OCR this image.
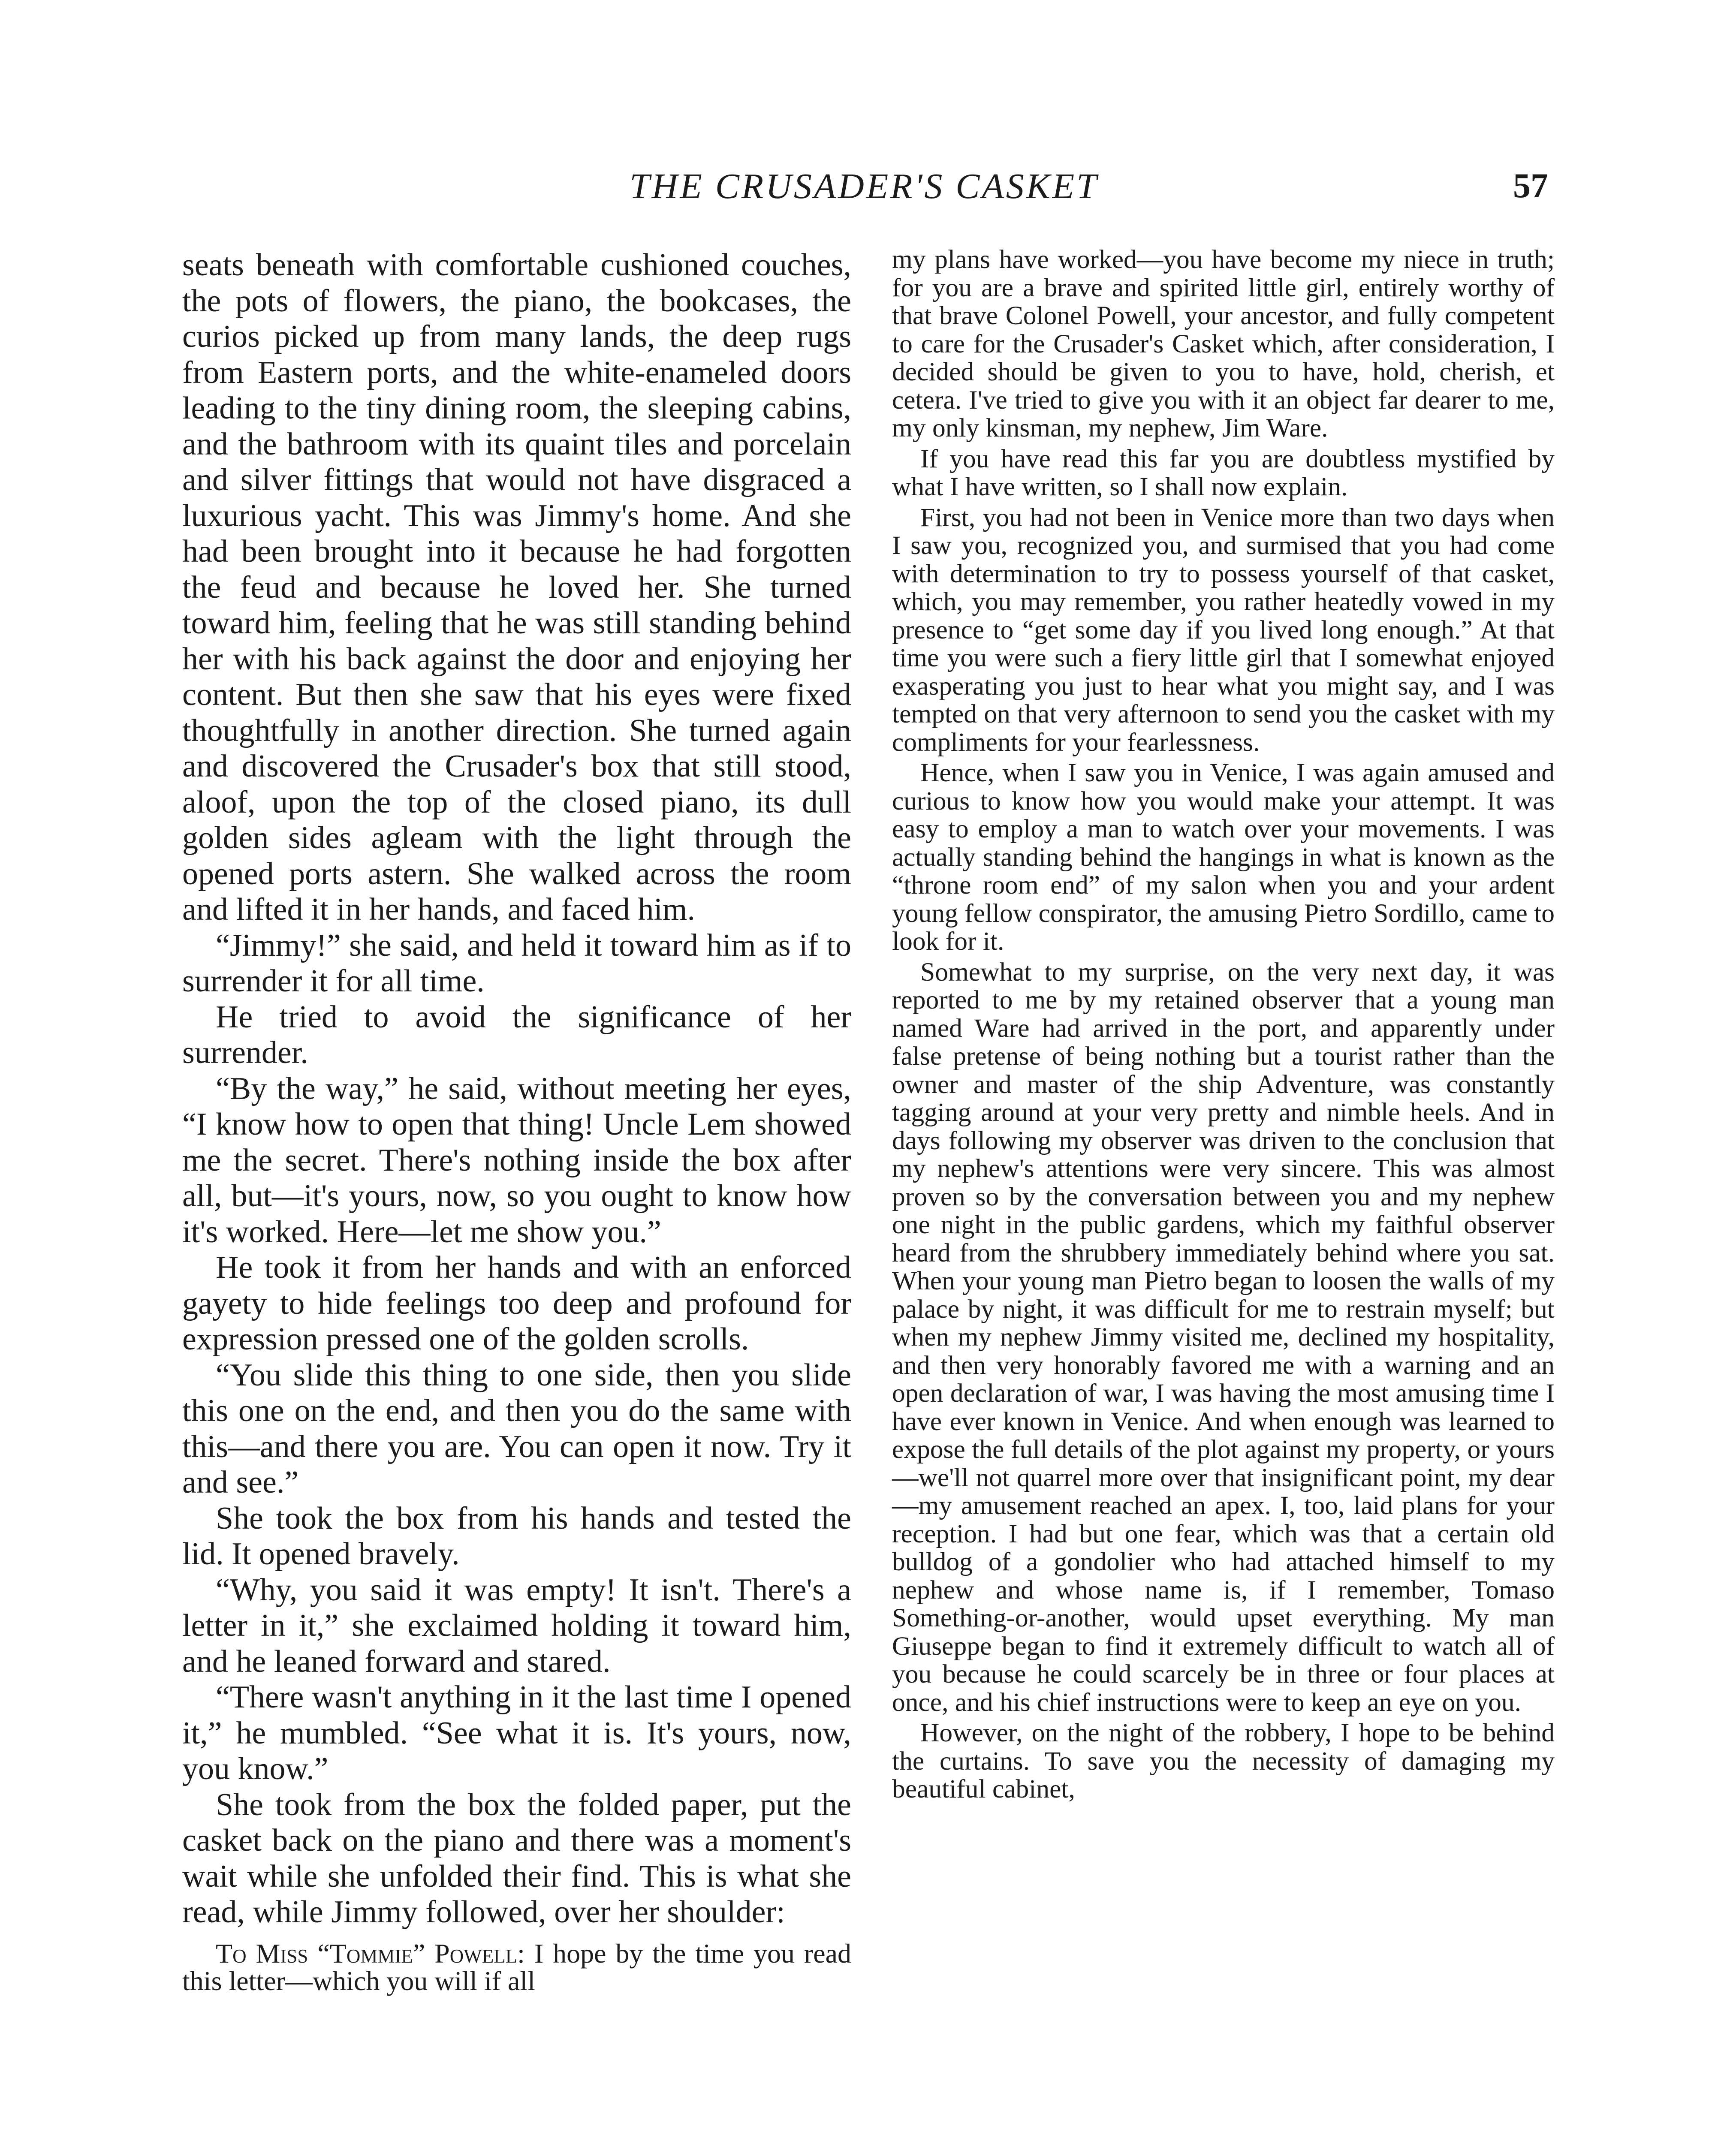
THE CRUSADER'S CASKET	57

seats beneath with comfortable cushioned couches, the pots of flowers, the piano, the bookcases, the curios picked up from many lands, the deep rugs from Eastern ports, and the white-enameled doors leading to the tiny dining room, the sleeping cabins, and the bathroom with its quaint tiles and porcelain and silver fittings that would not have disgraced a luxurious yacht. This was Jimmy's home. And she had been brought into it because he had forgotten the feud and because he loved her. She turned toward him, feeling that he was still standing behind her with his back against the door and enjoying her content. But then she saw that his eyes were fixed thoughtfully in another direction. She turned again and discovered the Crusader's box that still stood, aloof, upon the top of the closed piano, its dull golden sides agleam with the light through the opened ports astern. She walked across the room and lifted it in her hands, and faced him.

“Jimmy!” she said, and held it toward him as if to surrender it for all time.

He tried to avoid the significance of her surrender.

“By the way,” he said, without meeting her eyes, “I know how to open that thing! Uncle Lem showed me the secret. There's nothing inside the box after all, but—it's yours, now, so you ought to know how it's worked. Here—let me show you.”

He took it from her hands and with an enforced gayety to hide feelings too deep and profound for expression pressed one of the golden scrolls.

“You slide this thing to one side, then you slide this one on the end, and then you do the same with this—and there you are. You can open it now. Try it and see.”

She took the box from his hands and tested the lid. It opened bravely.

“Why, you said it was empty! It isn't. There's a letter in it,” she exclaimed holding it toward him, and he leaned forward and stared.

“There wasn't anything in it the last time I opened it,” he mumbled. “See what it is. It's yours, now, you know.”

She took from the box the folded paper, put the casket back on the piano and there was a moment's wait while she unfolded their find. This is what she read, while Jimmy followed, over her shoulder:

To Miss “Tommie” Powell: I hope by the time you read this letter—which you will if all

my plans have worked—you have become my niece in truth; for you are a brave and spirited little girl, entirely worthy of that brave Colonel Powell, your ancestor, and fully competent to care for the Crusader's Casket which, after consideration, I decided should be given to you to have, hold, cherish, et cetera. I've tried to give you with it an object far dearer to me, my only kinsman, my nephew, Jim Ware.

If you have read this far you are doubtless mystified by what I have written, so I shall now explain.

First, you had not been in Venice more than two days when I saw you, recognized you, and surmised that you had come with determination to try to possess yourself of that casket, which, you may remember, you rather heatedly vowed in my presence to “get some day if you lived long enough.” At that time you were such a fiery little girl that I somewhat enjoyed exasperating you just to hear what you might say, and I was tempted on that very afternoon to send you the casket with my compliments for your fearlessness.

Hence, when I saw you in Venice, I was again amused and curious to know how you would make your attempt. It was easy to employ a man to watch over your movements. I was actually standing behind the hangings in what is known as the “throne room end” of my salon when you and your ardent young fellow conspirator, the amusing Pietro Sordillo, came to look for it.

Somewhat to my surprise, on the very next day, it was reported to me by my retained observer that a young man named Ware had arrived in the port, and apparently under false pretense of being nothing but a tourist rather than the owner and master of the ship Adventure, was constantly tagging around at your very pretty and nimble heels. And in days following my observer was driven to the conclusion that my nephew's attentions were very sincere. This was almost proven so by the conversation between you and my nephew one night in the public gardens, which my faithful observer heard from the shrubbery immediately behind where you sat. When your young man Pietro began to loosen the walls of my palace by night, it was difficult for me to restrain myself; but when my nephew Jimmy visited me, declined my hospitality, and then very honorably favored me with a warning and an open declaration of war, I was having the most amusing time I have ever known in Venice. And when enough was learned to expose the full details of the plot against my property, or yours—we'll not quarrel more over that insignificant point, my dear—my amusement reached an apex. I, too, laid plans for your reception. I had but one fear, which was that a certain old bulldog of a gondolier who had attached himself to my nephew and whose name is, if I remember, Tomaso Something-or-another, would upset everything. My man Giuseppe began to find it extremely difficult to watch all of you because he could scarcely be in three or four places at once, and his chief instructions were to keep an eye on you.

However, on the night of the robbery, I hope to be behind the curtains. To save you the necessity of damaging my beautiful cabinet,
